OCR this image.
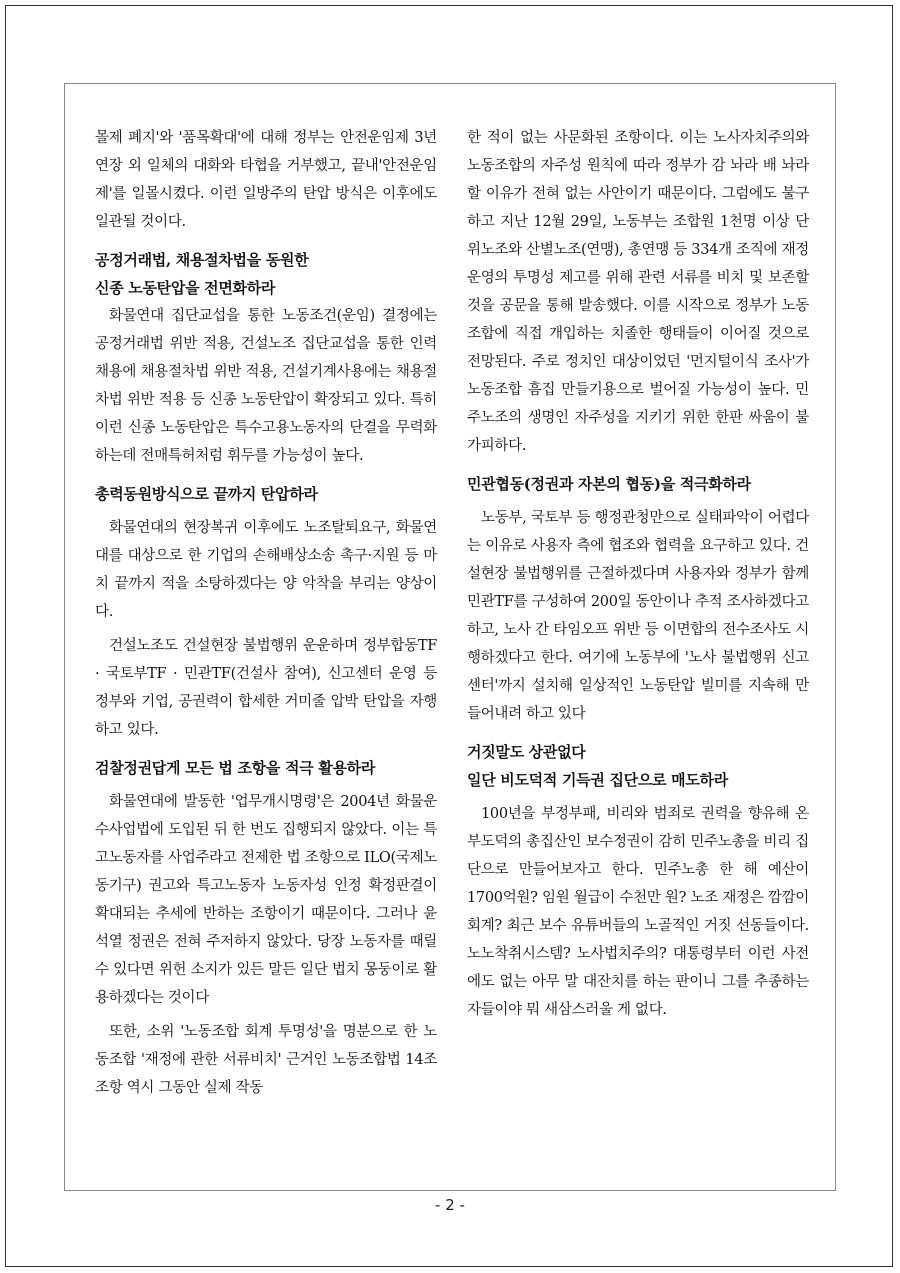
몰제 폐지'와 '품목확대'에 대해 정부는 안전운임제 3년 연장 외 일체의 대화와 타협을 거부했고, 끝내'안전운임제'를 일몰시켰다. 이런 일방주의 탄압 방식은 이후에도 일관될 것이다.

공정거래법, 채용절차법을 동원한
신종 노동탄압을 전면화하라

화물연대 집단교섭을 통한 노동조건(운임) 결정에는 공정거래법 위반 적용, 건설노조 집단교섭을 통한 인력 채용에 채용절차법 위반 적용, 건설기계사용에는 채용절차법 위반 적용 등 신종 노동탄압이 확장되고 있다. 특히 이런 신종 노동탄압은 특수고용노동자의 단결을 무력화하는데 전매특허처럼 휘두를 가능성이 높다.

총력동원방식으로 끝까지 탄압하라

화물연대의 현장복귀 이후에도 노조탈퇴요구, 화물연대를 대상으로 한 기업의 손해배상소송 촉구·지원 등 마치 끝까지 적을 소탕하겠다는 양 악착을 부리는 양상이다.

건설노조도 건설현장 불법행위 운운하며 정부합동TF · 국토부TF · 민관TF(건설사 참여), 신고센터 운영 등 정부와 기업, 공권력이 합세한 거미줄 압박 탄압을 자행하고 있다.

검찰정권답게 모든 법 조항을 적극 활용하라

화물연대에 발동한 '업무개시명령'은 2004년 화물운수사업법에 도입된 뒤 한 번도 집행되지 않았다. 이는 특고노동자를 사업주라고 전제한 법 조항으로 ILO(국제노동기구) 권고와 특고노동자 노동자성 인정 확정판결이 확대되는 추세에 반하는 조항이기 때문이다. 그러나 윤석열 정권은 전혀 주저하지 않았다. 당장 노동자를 때릴 수 있다면 위헌 소지가 있든 말든 일단 법치 몽둥이로 활용하겠다는 것이다

또한, 소위 '노동조합 회계 투명성'을 명분으로 한 노동조합 '재정에 관한 서류비치' 근거인 노동조합법 14조 조항 역시 그동안 실제 작동

한 적이 없는 사문화된 조항이다. 이는 노사자치주의와 노동조합의 자주성 원칙에 따라 정부가 감 놔라 배 놔라 할 이유가 전혀 없는 사안이기 때문이다. 그럼에도 불구하고 지난 12월 29일, 노동부는 조합원 1천명 이상 단위노조와 산별노조(연맹), 총연맹 등 334개 조직에 재정운영의 투명성 제고를 위해 관련 서류를 비치 및 보존할 것을 공문을 통해 발송했다. 이를 시작으로 정부가 노동조합에 직접 개입하는 치졸한 행태들이 이어질 것으로 전망된다. 주로 정치인 대상이었던 '먼지털이식 조사'가 노동조합 흠집 만들기용으로 벌어질 가능성이 높다. 민주노조의 생명인 자주성을 지키기 위한 한판 싸움이 불가피하다.

민관협동(정권과 자본의 협동)을 적극화하라

노동부, 국토부 등 행정관청만으로 실태파악이 어렵다는 이유로 사용자 측에 협조와 협력을 요구하고 있다. 건설현장 불법행위를 근절하겠다며 사용자와 정부가 함께 민관TF를 구성하여 200일 동안이나 추적 조사하겠다고 하고, 노사 간 타임오프 위반 등 이면합의 전수조사도 시행하겠다고 한다. 여기에 노동부에 '노사 불법행위 신고센터'까지 설치해 일상적인 노동탄압 빌미를 지속해 만들어내려 하고 있다

거짓말도 상관없다
일단 비도덕적 기득권 집단으로 매도하라

100년을 부정부패, 비리와 범죄로 권력을 향유해 온 부도덕의 총집산인 보수정권이 감히 민주노총을 비리 집단으로 만들어보자고 한다. 민주노총 한 해 예산이 1700억원? 임원 월급이 수천만 원? 노조 재정은 깜깜이 회계? 최근 보수 유튜버들의 노골적인 거짓 선동들이다. 노노착취시스템? 노사법치주의? 대통령부터 이런 사전에도 없는 아무 말 대잔치를 하는 판이니 그를 추종하는 자들이야 뭐 새삼스러울 게 없다.

- 2 -
